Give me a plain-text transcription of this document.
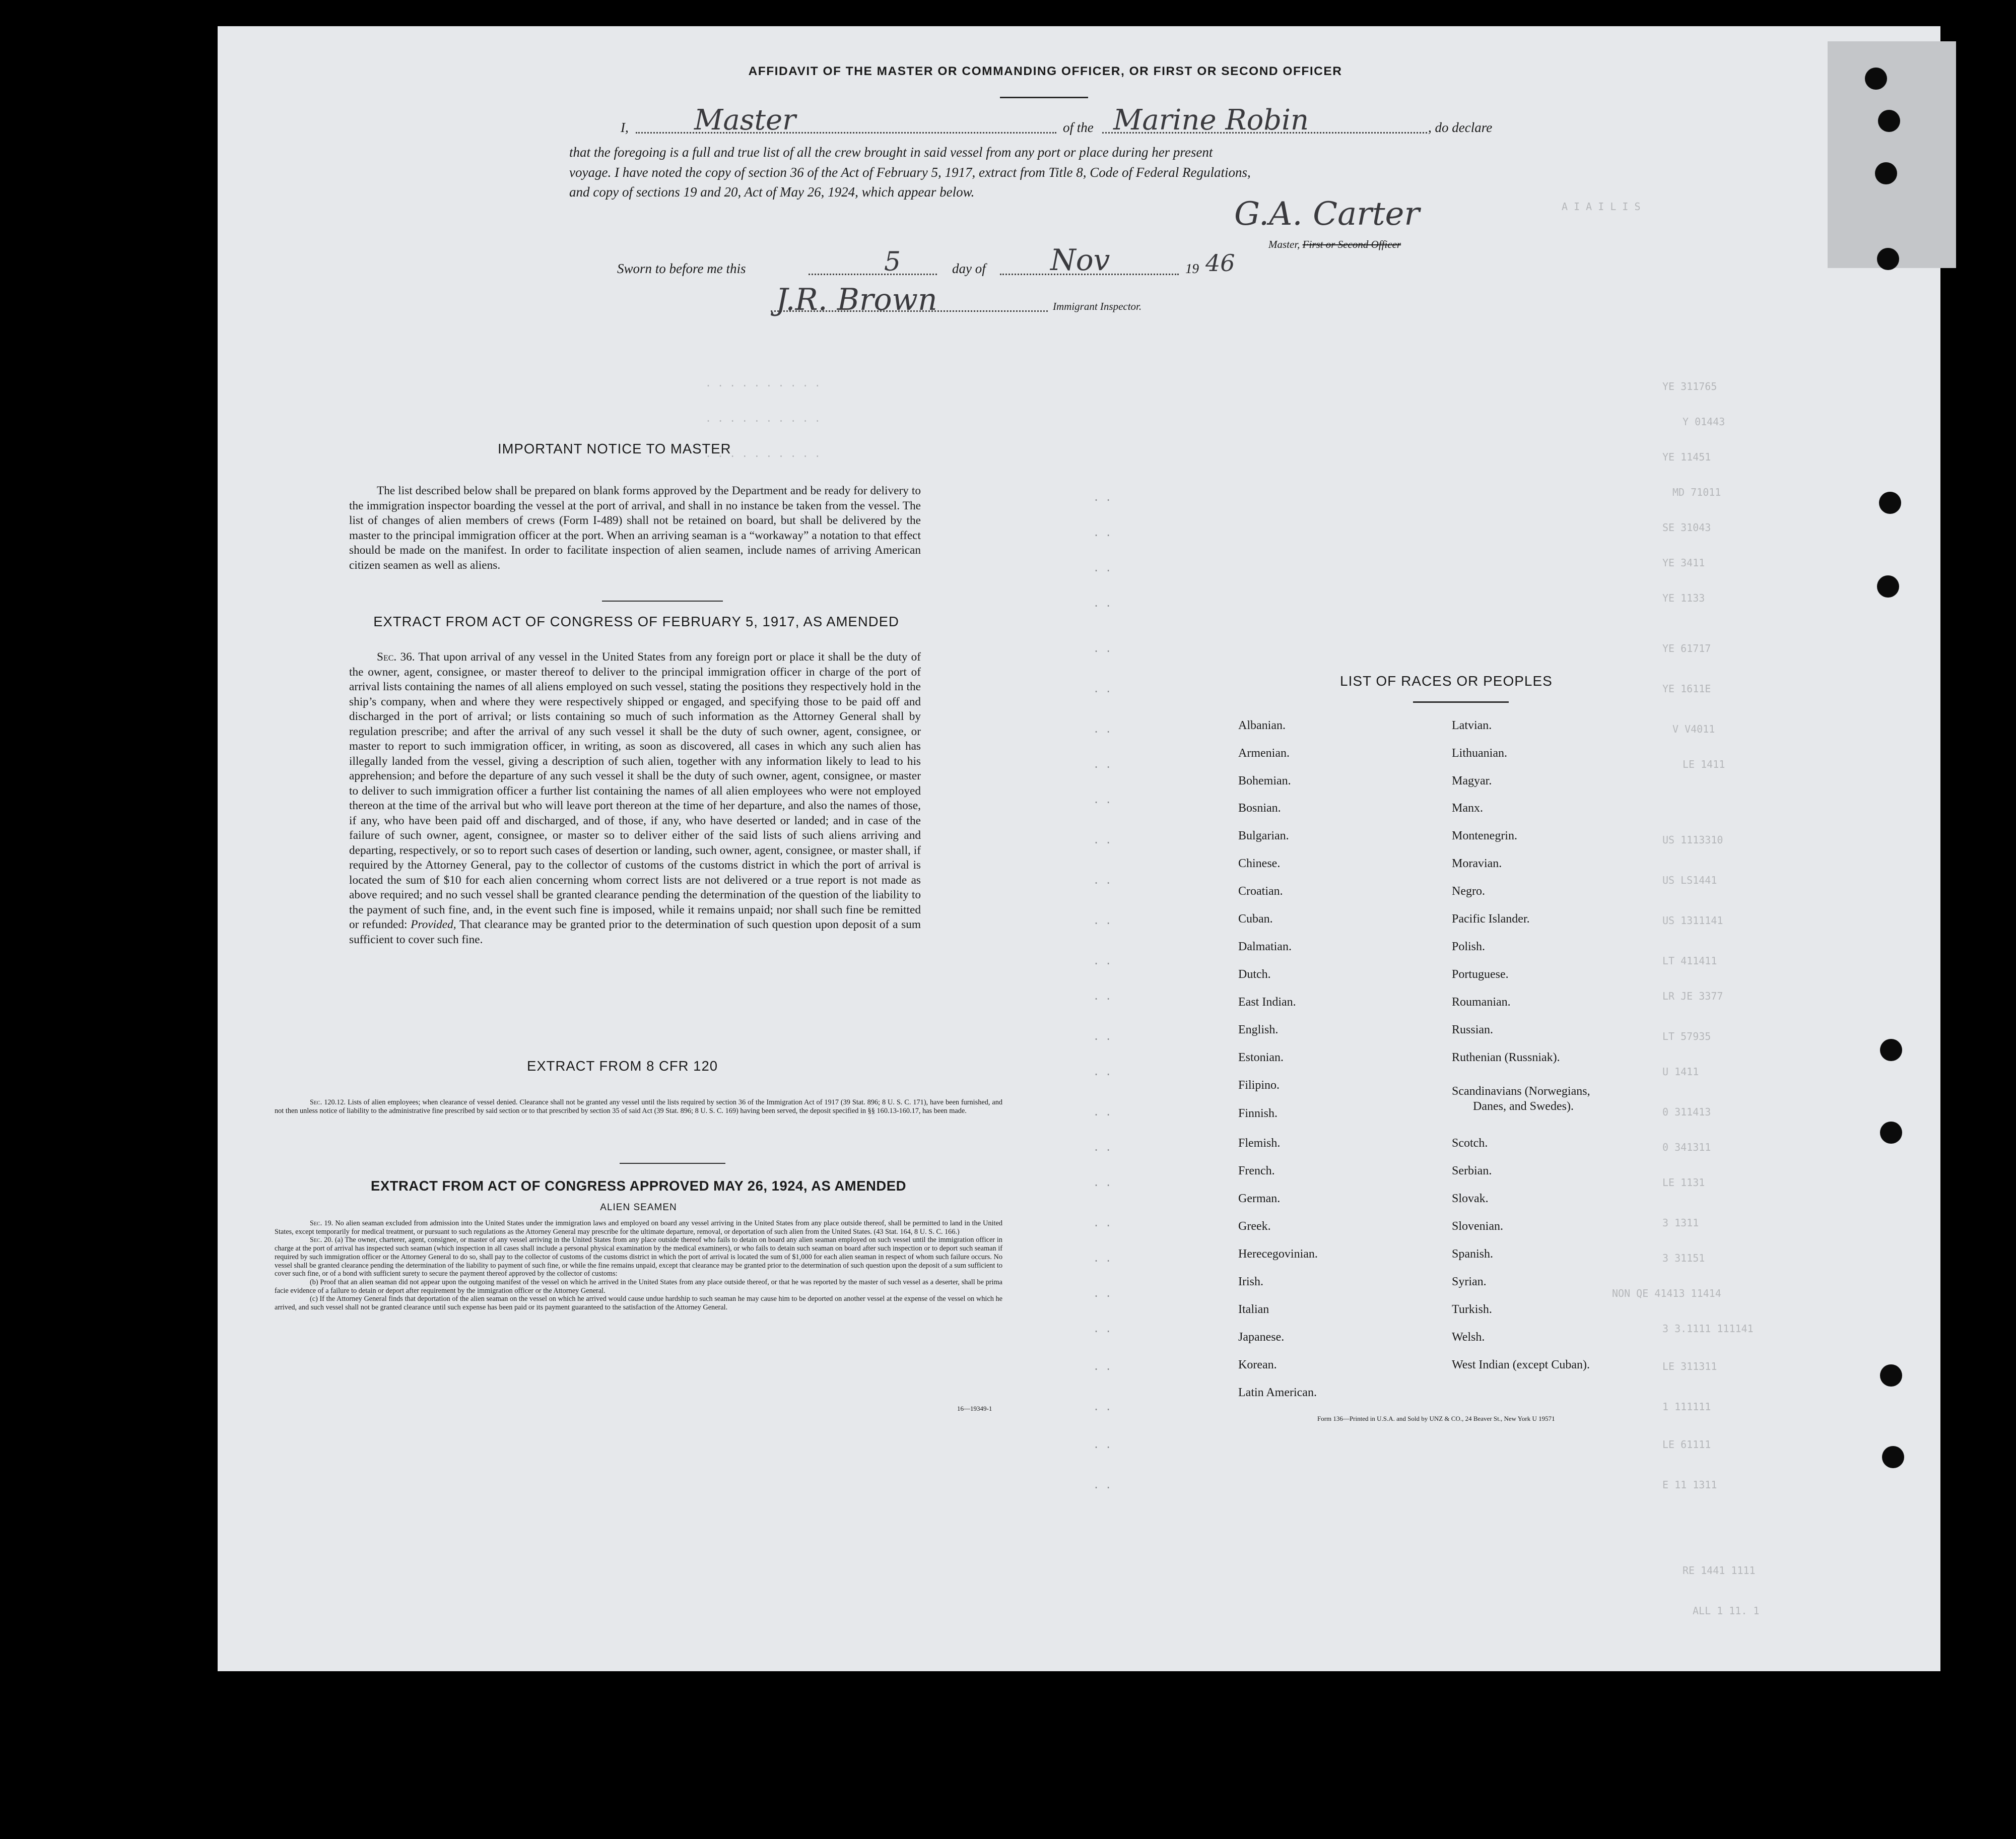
A I A I L I S
YE 311765
Y 01443
YE 11451
MD 71011
SE 31043
YE 3411
YE 1133
YE 61717
YE 1611E
V V4011
LE 1411
US 1113310
US LS1441
US 1311141
LT 411411
LR JE 3377
LT 57935
U 1411
0 311413
0 341311
LE 1131
3 1311
3 31151
NON QE 41413 11414
3 3.1111 111141
LE 311311
1 111111
LE 61111
E 11 1311
RE 1441 1111
ALL 1 11. 1
. . . . . . . . . .
. . . . . . . . . .
. . . . . . . . . .
. .
. .
. .
. .
. .
. .
. .
. .
. .
. .
. .
. .
. .
. .
. .
. .
. .
. .
. .
. .
. .
. .
. .
. .
. .
. .
. .
AFFIDAVIT OF THE MASTER OR COMMANDING OFFICER, OR FIRST OR SECOND OFFICER
I, Master	of the Marine Robin	, do declare
that the foregoing is a full and true list of all the crew brought in said vessel from any port or place during her present
voyage. I have noted the copy of section 36 of the Act of February 5, 1917, extract from Title 8, Code of Federal Regulations,
and copy of sections 19 and 20, Act of May 26, 1924, which appear below.
G.A. Carter
Master, First or Second Officer
Sworn to before me this	5	day of Nov	19 46
J.R. Brown	Immigrant Inspector.
IMPORTANT NOTICE TO MASTER
The list described below shall be prepared on blank forms approved by the Department and be ready for delivery to the immigration inspector boarding the vessel at the port of arrival, and shall in no instance be taken from the vessel. The list of changes of alien members of crews (Form I-489) shall not be retained on board, but shall be delivered by the master to the principal immigration officer at the port. When an arriving seaman is a “workaway” a notation to that effect should be made on the manifest. In order to facilitate inspection of alien seamen, include names of arriving American citizen seamen as well as aliens.
EXTRACT FROM ACT OF CONGRESS OF FEBRUARY 5, 1917, AS AMENDED
Sec. 36. That upon arrival of any vessel in the United States from any foreign port or place it shall be the duty of the owner, agent, consignee, or master thereof to deliver to the principal immigration officer in charge of the port of arrival lists containing the names of all aliens employed on such vessel, stating the positions they respectively hold in the ship’s company, when and where they were respectively shipped or engaged, and specifying those to be paid off and discharged in the port of arrival; or lists containing so much of such information as the Attorney General shall by regulation prescribe; and after the arrival of any such vessel it shall be the duty of such owner, agent, consignee, or master to report to such immigration officer, in writing, as soon as discovered, all cases in which any such alien has illegally landed from the vessel, giving a description of such alien, together with any information likely to lead to his apprehension; and before the departure of any such vessel it shall be the duty of such owner, agent, consignee, or master to deliver to such immigration officer a further list containing the names of all alien employees who were not employed thereon at the time of the arrival but who will leave port thereon at the time of her departure, and also the names of those, if any, who have been paid off and discharged, and of those, if any, who have deserted or landed; and in case of the failure of such owner, agent, consignee, or master so to deliver either of the said lists of such aliens arriving and departing, respectively, or so to report such cases of desertion or landing, such owner, agent, consignee, or master shall, if required by the Attorney General, pay to the collector of customs of the customs district in which the port of arrival is located the sum of $10 for each alien concerning whom correct lists are not delivered or a true report is not made as above required; and no such vessel shall be granted clearance pending the determination of the question of the liability to the payment of such fine, and, in the event such fine is imposed, while it remains unpaid; nor shall such fine be remitted or refunded: Provided, That clearance may be granted prior to the determination of such question upon deposit of a sum sufficient to cover such fine.
EXTRACT FROM 8 CFR 120
Sec. 120.12. Lists of alien employees; when clearance of vessel denied. Clearance shall not be granted any vessel until the lists required by section 36 of the Immigration Act of 1917 (39 Stat. 896; 8 U. S. C. 171), have been furnished, and not then unless notice of liability to the administrative fine prescribed by said section or to that prescribed by section 35 of said Act (39 Stat. 896; 8 U. S. C. 169) having been served, the deposit specified in §§ 160.13-160.17, has been made.
EXTRACT FROM ACT OF CONGRESS APPROVED MAY 26, 1924, AS AMENDED
ALIEN SEAMEN
Sec. 19. No alien seaman excluded from admission into the United States under the immigration laws and employed on board any vessel arriving in the United States from any place outside thereof, shall be permitted to land in the United States, except temporarily for medical treatment, or pursuant to such regulations as the Attorney General may prescribe for the ultimate departure, removal, or deportation of such alien from the United States. (43 Stat. 164, 8 U. S. C. 166.)
Sec. 20. (a) The owner, charterer, agent, consignee, or master of any vessel arriving in the United States from any place outside thereof who fails to detain on board any alien seaman employed on such vessel until the immigration officer in charge at the port of arrival has inspected such seaman (which inspection in all cases shall include a personal physical examination by the medical examiners), or who fails to detain such seaman on board after such inspection or to deport such seaman if required by such immigration officer or the Attorney General to do so, shall pay to the collector of customs of the customs district in which the port of arrival is located the sum of $1,000 for each alien seaman in respect of whom such failure occurs. No vessel shall be granted clearance pending the determination of the liability to payment of such fine, or while the fine remains unpaid, except that clearance may be granted prior to the determination of such question upon the deposit of a sum sufficient to cover such fine, or of a bond with sufficient surety to secure the payment thereof approved by the collector of customs:
(b) Proof that an alien seaman did not appear upon the outgoing manifest of the vessel on which he arrived in the United States from any place outside thereof, or that he was reported by the master of such vessel as a deserter, shall be prima facie evidence of a failure to detain or deport after requirement by the immigration officer or the Attorney General.
(c) If the Attorney General finds that deportation of the alien seaman on the vessel on which he arrived would cause undue hardship to such seaman he may cause him to be deported on another vessel at the expense of the vessel on which he arrived, and such vessel shall not be granted clearance until such expense has been paid or its payment guaranteed to the satisfaction of the Attorney General.
16—19349-1
LIST OF RACES OR PEOPLES
Albanian.
Armenian.
Bohemian.
Bosnian.
Bulgarian.
Chinese.
Croatian.
Cuban.
Dalmatian.
Dutch.
East Indian.
English.
Estonian.
Filipino.
Finnish.
Flemish.
French.
German.
Greek.
Herecegovinian.
Irish.
Italian
Japanese.
Korean.
Latin American.
Latvian.
Lithuanian.
Magyar.
Manx.
Montenegrin.
Moravian.
Negro.
Pacific Islander.
Polish.
Portuguese.
Roumanian.
Russian.
Ruthenian (Russniak).
Scandinavians (Norwegians,
Danes, and Swedes).
Scotch.
Serbian.
Slovak.
Slovenian.
Spanish.
Syrian.
Turkish.
Welsh.
West Indian (except Cuban).
Form 136—Printed in U.S.A. and Sold by UNZ & CO., 24 Beaver St., New York U 19571
